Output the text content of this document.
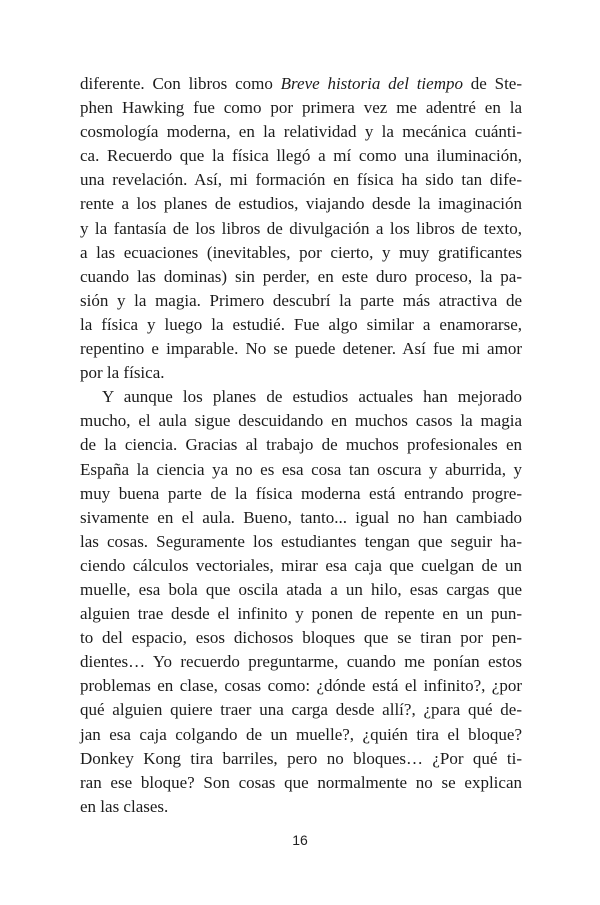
diferente. Con libros como Breve historia del tiempo de Ste-
phen Hawking fue como por primera vez me adentré en la
cosmología moderna, en la relatividad y la mecánica cuánti-
ca. Recuerdo que la física llegó a mí como una iluminación,
una revelación. Así, mi formación en física ha sido tan dife-
rente a los planes de estudios, viajando desde la imaginación
y la fantasía de los libros de divulgación a los libros de texto,
a las ecuaciones (inevitables, por cierto, y muy gratificantes
cuando las dominas) sin perder, en este duro proceso, la pa-
sión y la magia. Primero descubrí la parte más atractiva de
la física y luego la estudié. Fue algo similar a enamorarse,
repentino e imparable. No se puede detener. Así fue mi amor
por la física.
Y aunque los planes de estudios actuales han mejorado
mucho, el aula sigue descuidando en muchos casos la magia
de la ciencia. Gracias al trabajo de muchos profesionales en
España la ciencia ya no es esa cosa tan oscura y aburrida, y
muy buena parte de la física moderna está entrando progre-
sivamente en el aula. Bueno, tanto... igual no han cambiado
las cosas. Seguramente los estudiantes tengan que seguir ha-
ciendo cálculos vectoriales, mirar esa caja que cuelgan de un
muelle, esa bola que oscila atada a un hilo, esas cargas que
alguien trae desde el infinito y ponen de repente en un pun-
to del espacio, esos dichosos bloques que se tiran por pen-
dientes… Yo recuerdo preguntarme, cuando me ponían estos
problemas en clase, cosas como: ¿dónde está el infinito?, ¿por
qué alguien quiere traer una carga desde allí?, ¿para qué de-
jan esa caja colgando de un muelle?, ¿quién tira el bloque?
Donkey Kong tira barriles, pero no bloques… ¿Por qué ti-
ran ese bloque? Son cosas que normalmente no se explican
en las clases.
16
